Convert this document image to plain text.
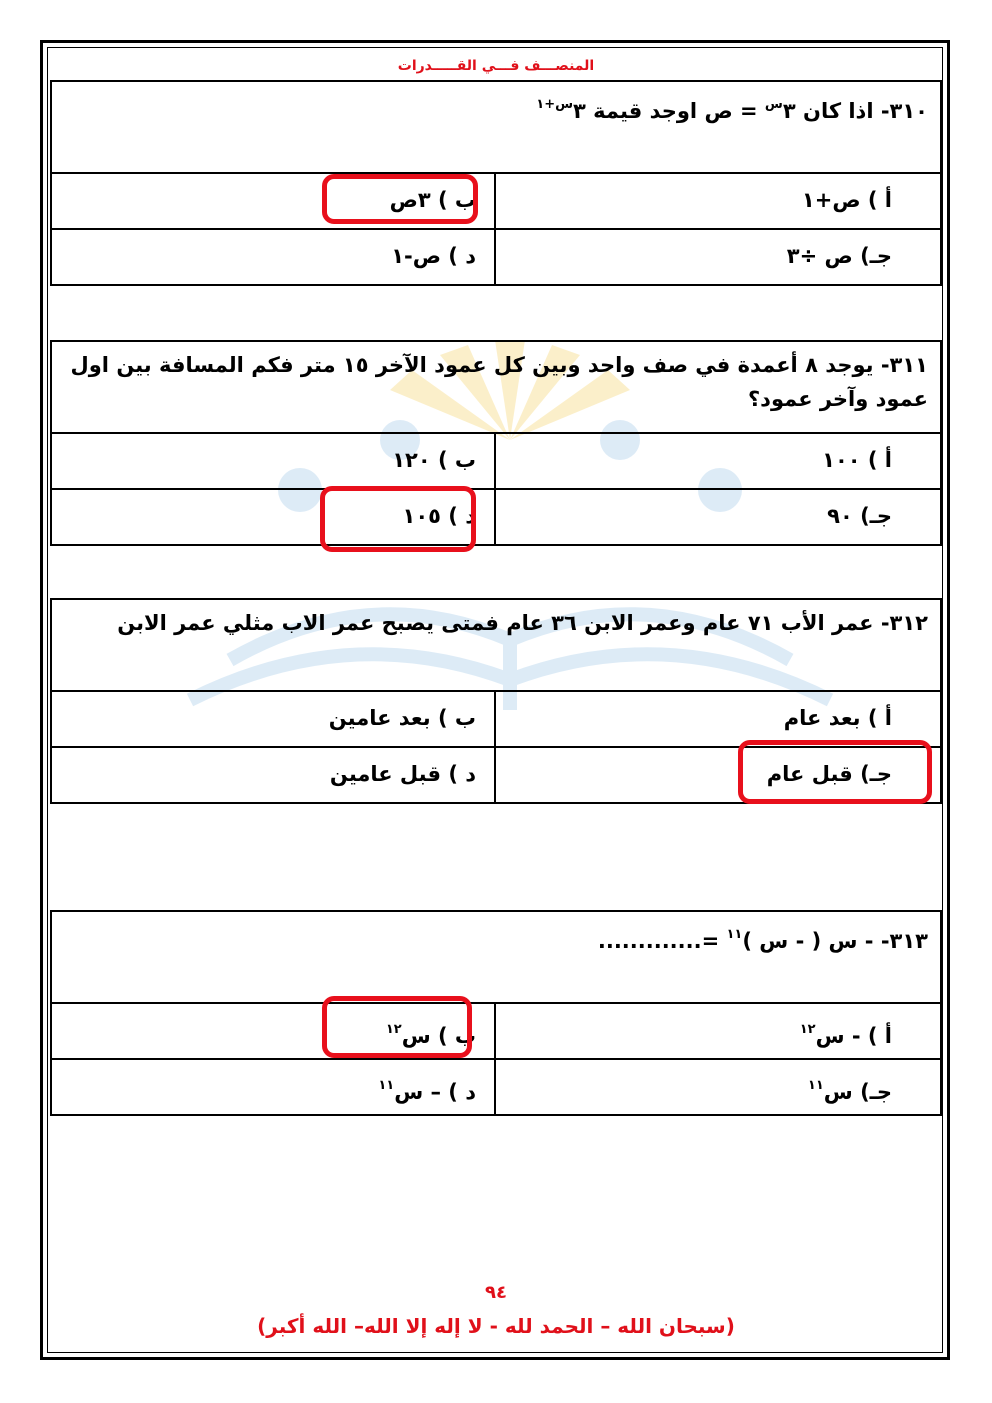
المنصـــف فـــي القـــــدرات
٣١٠- اذا كان $٣^س$ = ص اوجد قيمة $٣^{س+١}$
أ ) ص+١
ب ) ٣ص
جـ) ص ÷٣
د ) ص-١
٣١١- يوجد ٨ أعمدة في صف واحد وبين كل عمود الآخر ١٥ متر فكم المسافة بين اول عمود وآخر عمود؟
أ ) ١٠٠
ب ) ١٢٠
جـ) ٩٠
د ) ١٠٥
٣١٢- عمر الأب ٧١ عام وعمر الابن ٣٦ عام فمتى يصبح عمر الاب مثلي عمر الابن
أ ) بعد عام
ب ) بعد عامين
جـ) قبل عام
د ) قبل عامين
٣١٣- - س ( - س )$^{١١}$ =.............
أ ) - س$^{١٢}$
ب ) س$^{١٢}$
جـ) س$^{١١}$
د ) – س$^{١١}$
٩٤
(سبحان الله – الحمد لله - لا إله إلا الله– الله أكبر)
